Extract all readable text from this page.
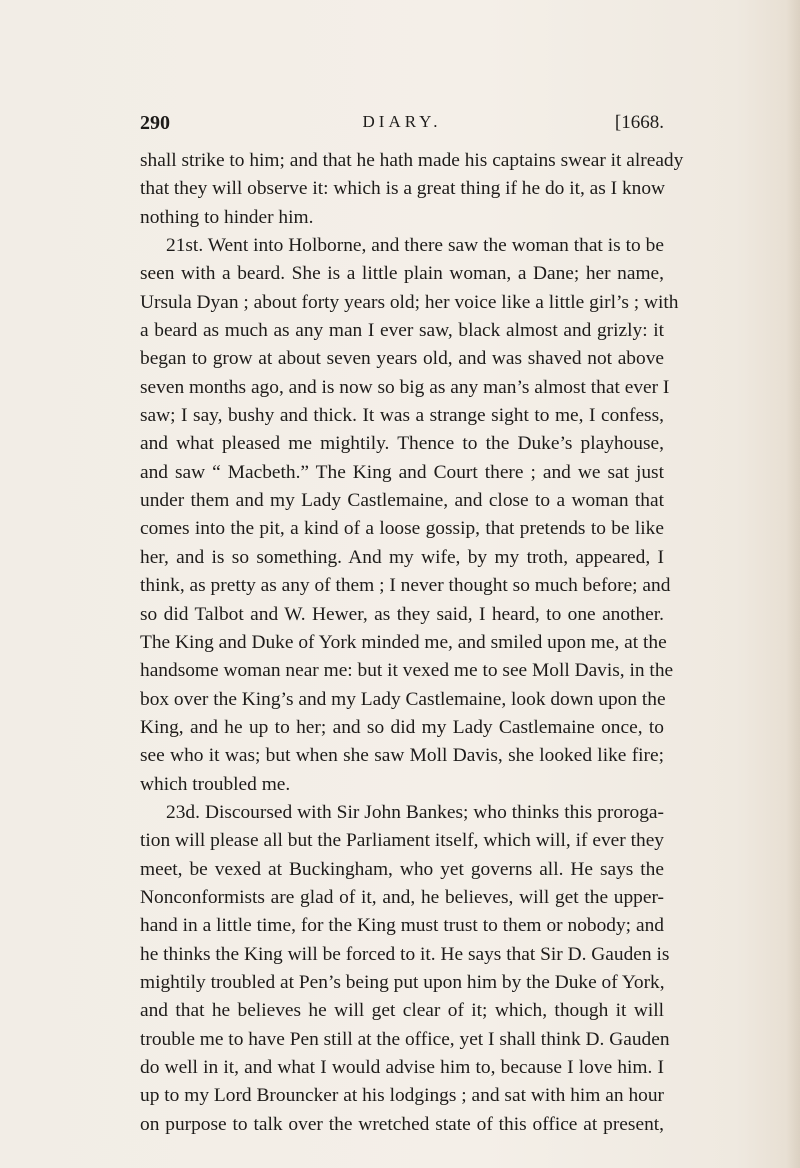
290	DIARY.	[1668.
shall strike to him; and that he hath made his captains swear it already
that they will observe it: which is a great thing if he do it, as I know
nothing to hinder him.
21st. Went into Holborne, and there saw the woman that is to be
seen with a beard. She is a little plain woman, a Dane; her name,
Ursula Dyan ; about forty years old; her voice like a little girl’s ; with
a beard as much as any man I ever saw, black almost and grizly: it
began to grow at about seven years old, and was shaved not above
seven months ago, and is now so big as any man’s almost that ever I
saw; I say, bushy and thick. It was a strange sight to me, I confess,
and what pleased me mightily. Thence to the Duke’s playhouse,
and saw “ Macbeth.” The King and Court there ; and we sat just
under them and my Lady Castlemaine, and close to a woman that
comes into the pit, a kind of a loose gossip, that pretends to be like
her, and is so something. And my wife, by my troth, appeared, I
think, as pretty as any of them ; I never thought so much before; and
so did Talbot and W. Hewer, as they said, I heard, to one another.
The King and Duke of York minded me, and smiled upon me, at the
handsome woman near me: but it vexed me to see Moll Davis, in the
box over the King’s and my Lady Castlemaine, look down upon the
King, and he up to her; and so did my Lady Castlemaine once, to
see who it was; but when she saw Moll Davis, she looked like fire;
which troubled me.
23d. Discoursed with Sir John Bankes; who thinks this proroga-
tion will please all but the Parliament itself, which will, if ever they
meet, be vexed at Buckingham, who yet governs all. He says the
Nonconformists are glad of it, and, he believes, will get the upper-
hand in a little time, for the King must trust to them or nobody; and
he thinks the King will be forced to it. He says that Sir D. Gauden is
mightily troubled at Pen’s being put upon him by the Duke of York,
and that he believes he will get clear of it; which, though it will
trouble me to have Pen still at the office, yet I shall think D. Gauden
do well in it, and what I would advise him to, because I love him. I
up to my Lord Brouncker at his lodgings ; and sat with him an hour
on purpose to talk over the wretched state of this office at present,
